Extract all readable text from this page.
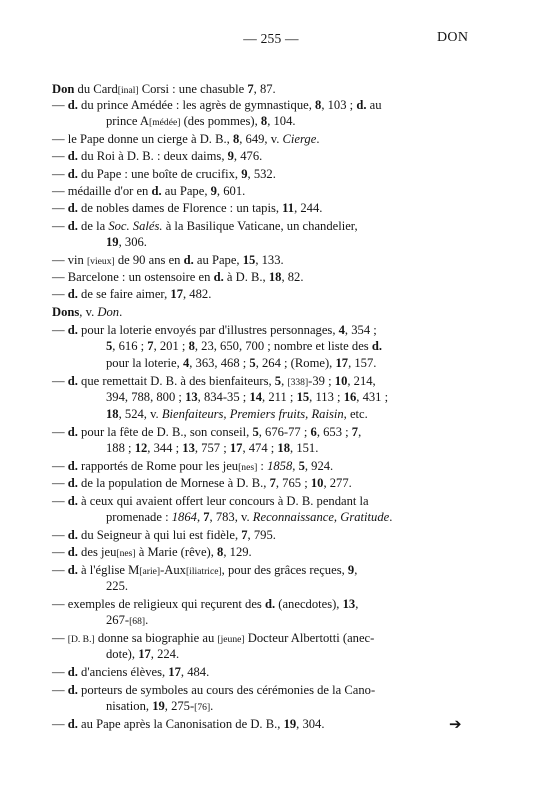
— 255 —	DON
Don du Card[inal] Corsi : une chasuble 7, 87.
— d. du prince Amédée : les agrès de gymnastique, 8, 103 ; d. au
prince A[médée] (des pommes), 8, 104.
— le Pape donne un cierge à D. B., 8, 649, v. Cierge.
— d. du Roi à D. B. : deux daims, 9, 476.
— d. du Pape : une boîte de crucifix, 9, 532.
— médaille d'or en d. au Pape, 9, 601.
— d. de nobles dames de Florence : un tapis, 11, 244.
— d. de la Soc. Salés. à la Basilique Vaticane, un chandelier,
19, 306.
— vin [vieux] de 90 ans en d. au Pape, 15, 133.
— Barcelone : un ostensoire en d. à D. B., 18, 82.
— d. de se faire aimer, 17, 482.
Dons, v. Don.
— d. pour la loterie envoyés par d'illustres personnages, 4, 354 ;
5, 616 ; 7, 201 ; 8, 23, 650, 700 ; nombre et liste des d.
pour la loterie, 4, 363, 468 ; 5, 264 ; (Rome), 17, 157.
— d. que remettait D. B. à des bienfaiteurs, 5, [338]-39 ; 10, 214,
394, 788, 800 ; 13, 834-35 ; 14, 211 ; 15, 113 ; 16, 431 ;
18, 524, v. Bienfaiteurs, Premiers fruits, Raisin, etc.
— d. pour la fête de D. B., son conseil, 5, 676-77 ; 6, 653 ; 7,
188 ; 12, 344 ; 13, 757 ; 17, 474 ; 18, 151.
— d. rapportés de Rome pour les jeu[nes] : 1858, 5, 924.
— d. de la population de Mornese à D. B., 7, 765 ; 10, 277.
— d. à ceux qui avaient offert leur concours à D. B. pendant la
promenade : 1864, 7, 783, v. Reconnaissance, Gratitude.
— d. du Seigneur à qui lui est fidèle, 7, 795.
— d. des jeu[nes] à Marie (rêve), 8, 129.
— d. à l'église M[arie]-Aux[iliatrice], pour des grâces reçues, 9,
225.
— exemples de religieux qui reçurent des d. (anecdotes), 13,
267-[68].
— [D. B.] donne sa biographie au [jeune] Docteur Albertotti (anec-
dote), 17, 224.
— d. d'anciens élèves, 17, 484.
— d. porteurs de symboles au cours des cérémonies de la Cano-
nisation, 19, 275-[76].
— d. au Pape après la Canonisation de D. B., 19, 304.	➔
